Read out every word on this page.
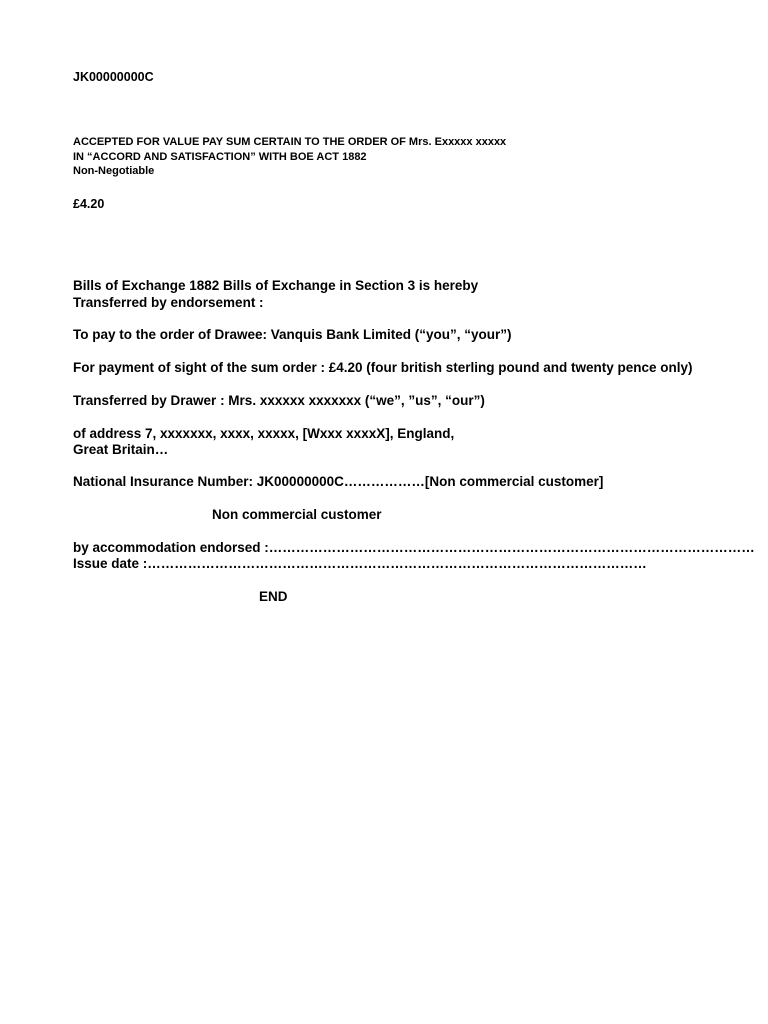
JK00000000C
ACCEPTED FOR VALUE PAY SUM CERTAIN TO THE ORDER OF Mrs. Exxxxx xxxxx
IN “ACCORD AND SATISFACTION” WITH BOE ACT 1882
Non-Negotiable
£4.20
Bills of Exchange 1882 Bills of Exchange in Section 3 is hereby
Transferred by endorsement :
To pay to the order of Drawee: Vanquis Bank Limited (“you”, “your”)
For payment of sight of the sum order : £4.20 (four british sterling pound and twenty pence only)
Transferred by Drawer : Mrs. xxxxxx xxxxxxx (“we”, ”us”, “our”)
of address 7, xxxxxxx, xxxx, xxxxx, [Wxxx xxxxX], England,
Great Britain…
National Insurance Number: JK00000000C………………[Non commercial customer]
Non commercial customer
by accommodation endorsed :………………………………………………………………………………………………
Issue date :…………………………………………………………………………………………………
END
